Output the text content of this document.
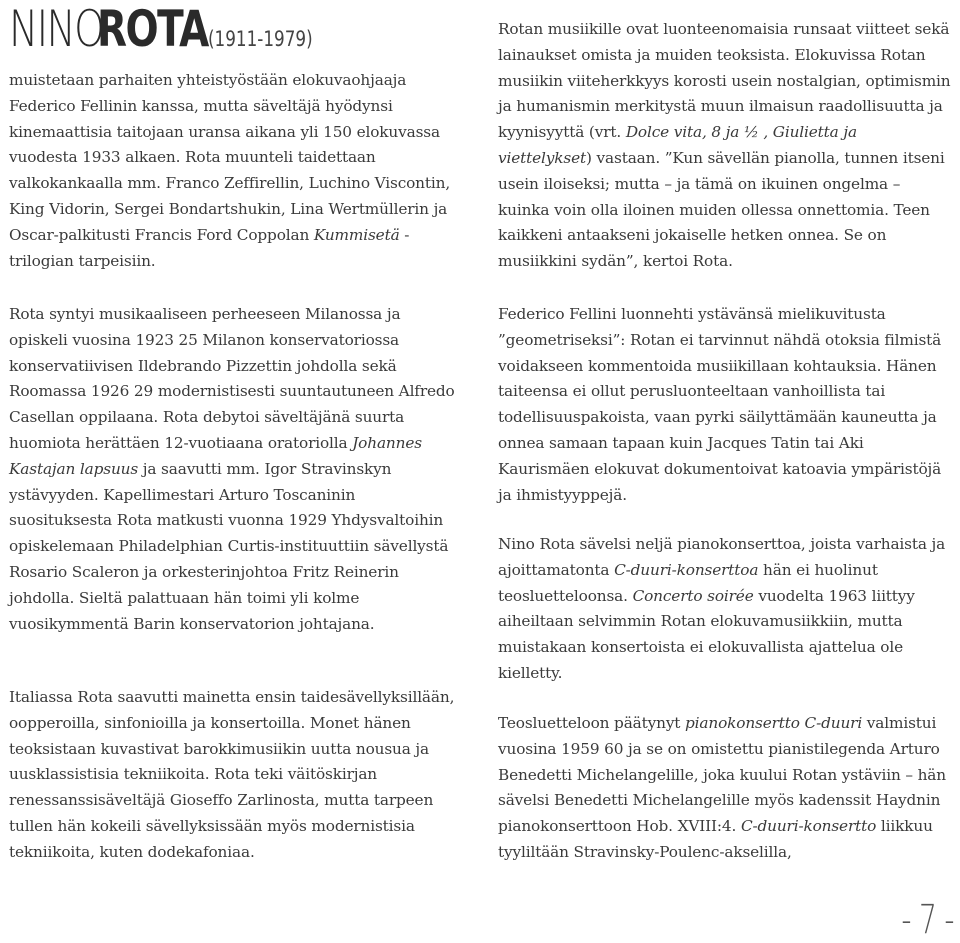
NINO ROTA (1911-1979)

muistetaan parhaiten yhteistyöstään elokuvaohjaaja Federico Fellinin kanssa, mutta säveltäjä hyödynsi kinemaattisia taitojaan uransa aikana yli 150 elokuvassa vuodesta 1933 alkaen. Rota muunteli taidettaan valkokankaalla mm. Franco Zeffirellin, Luchino Viscontin, King Vidorin, Sergei Bondartshukin, Lina Wertmüllerin ja Oscar-palkitusti Francis Ford Coppolan Kummisetä -trilogian tarpeisiin.

Rota syntyi musikaaliseen perheeseen Milanossa ja opiskeli vuosina 1923 25 Milanon konservatoriossa konservatiivisen Ildebrando Pizzettin johdolla sekä Roomassa 1926 29 modernistisesti suuntautuneen Alfredo Casellan oppilaana. Rota debytoi säveltäjänä suurta huomiota herättäen 12-vuotiaana oratoriolla Johannes Kastajan lapsuus ja saavutti mm. Igor Stravinskyn ystävyyden. Kapellimestari Arturo Toscaninin suosituksesta Rota matkusti vuonna 1929 Yhdysvaltoihin opiskelemaan Philadelphian Curtis-instituuttiin sävellystä Rosario Scaleron ja orkesterinjohtoa Fritz Reinerin johdolla. Sieltä palattuaan hän toimi yli kolme vuosikymmentä Barin konservatorion johtajana.

Italiassa Rota saavutti mainetta ensin taidesävellyksillään, oopperoilla, sinfonioilla ja konsertoilla. Monet hänen teoksistaan kuvastivat barokkimusiikin uutta nousua ja uusklassistisia tekniikoita. Rota teki väitöskirjan renessanssisäveltäjä Gioseffo Zarlinosta, mutta tarpeen tullen hän kokeili sävellyksissään myös modernistisia tekniikoita, kuten dodekafoniaa.

Rotan musiikille ovat luonteenomaisia runsaat viitteet sekä lainaukset omista ja muiden teoksista. Elokuvissa Rotan musiikin viiteherkkyys korosti usein nostalgian, optimismin ja humanismin merkitystä muun ilmaisun raadollisuutta ja kyynisyyttä (vrt. Dolce vita, 8 ja ½ , Giulietta ja viettelykset) vastaan. ”Kun sävellän pianolla, tunnen itseni usein iloiseksi; mutta – ja tämä on ikuinen ongelma – kuinka voin olla iloinen muiden ollessa onnettomia. Teen kaikkeni antaakseni jokaiselle hetken onnea. Se on musiikkini sydän”, kertoi Rota.

Federico Fellini luonnehti ystävänsä mielikuvitusta ”geometriseksi”: Rotan ei tarvinnut nähdä otoksia filmistä voidakseen kommentoida musiikillaan kohtauksia. Hänen taiteensa ei ollut perusluonteeltaan vanhoillista tai todellisuuspakoista, vaan pyrki säilyttämään kauneutta ja onnea samaan tapaan kuin Jacques Tatin tai Aki Kaurismäen elokuvat dokumentoivat katoavia ympäristöjä ja ihmistyyppejä.

Nino Rota sävelsi neljä pianokonserttoa, joista varhaista ja ajoittamatonta C-duuri-konserttoa hän ei huolinut teosluetteloonsa. Concerto soirée vuodelta 1963 liittyy aiheiltaan selvimmin Rotan elokuvamusiikkiin, mutta muistakaan konsertoista ei elokuvallista ajattelua ole kielletty.

Teosluetteloon päätynyt pianokonsertto C-duuri valmistui vuosina 1959 60 ja se on omistettu pianistilegenda Arturo Benedetti Michelangelille, joka kuului Rotan ystäviin – hän sävelsi Benedetti Michelangelille myös kadenssit Haydnin pianokonserttoon Hob. XVIII:4. C-duuri-konsertto liikkuu tyyliltään Stravinsky-Poulenc-akselilla,

- 7 -
